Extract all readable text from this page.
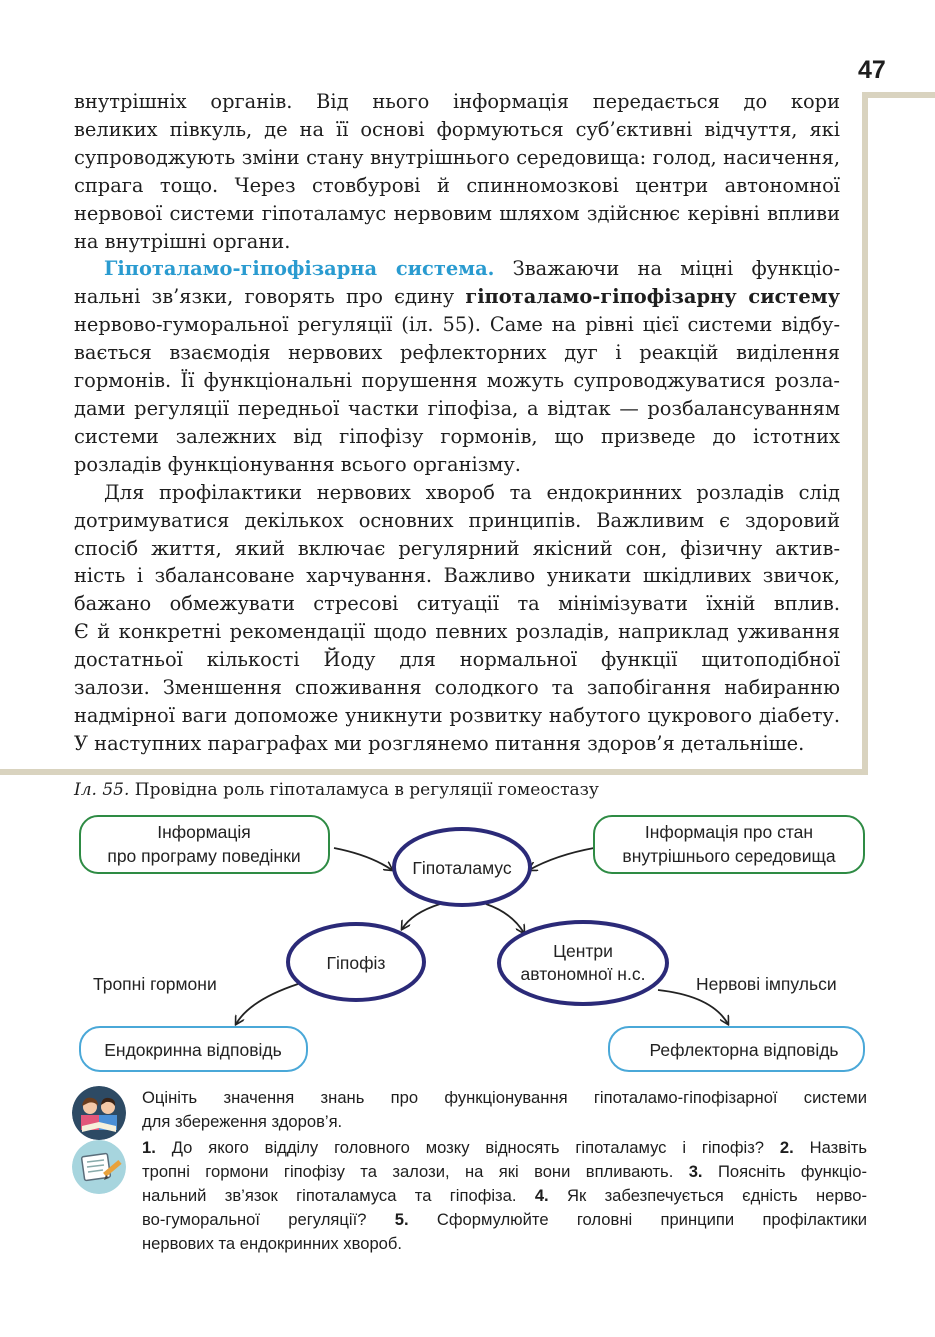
47
внутрішніх органів. Від нього інформація передається до кори
великих півкуль, де на її основі формуються суб’єктивні відчуття, які
супроводжують зміни стану внутрішнього середовища: голод, насичення,
спрага тощо. Через стовбурові й спинномозкові центри автономної
нервової системи гіпоталамус нервовим шляхом здійснює керівні впливи
на внутрішні органи.
Гіпоталамо-гіпофізарна система. Зважаючи на міцні функціо-
нальні зв’язки, говорять про єдину гіпоталамо-гіпофізарну систему
нервово-гуморальної регуляції (іл. 55). Саме на рівні цієї системи відбу-
вається взаємодія нервових рефлекторних дуг і реакцій виділення
гормонів. Її функціональні порушення можуть супроводжуватися розла-
дами регуляції передньої частки гіпофіза, а відтак — розбалансуванням
системи залежних від гіпофізу гормонів, що призведе до істотних
розладів функціонування всього організму.
Для профілактики нервових хвороб та ендокринних розладів слід
дотримуватися декількох основних принципів. Важливим є здоровий
спосіб життя, який включає регулярний якісний сон, фізичну актив-
ність і збалансоване харчування. Важливо уникати шкідливих звичок,
бажано обмежувати стресові ситуації та мінімізувати їхній вплив.
Є й конкретні рекомендації щодо певних розладів, наприклад уживання
достатньої кількості Йоду для нормальної функції щитоподібної
залози. Зменшення споживання солодкого та запобігання набиранню
надмірної ваги допоможе уникнути розвитку набутого цукрового діабету.
У наступних параграфах ми розглянемо питання здоров’я детальніше.
Іл. 55. Провідна роль гіпоталамуса в регуляції гомеостазу
Інформація
про програму поведінки
Інформація про стан
внутрішнього середовища
Гіпоталамус
Гіпофіз
Центри
автономної н.с.
Тропні гормони	Нервові імпульси
Ендокринна відповідь	Рефлекторна відповідь
Оцініть значення знань про функціонування гіпоталамо-гіпофізарної системи
для збереження здоров’я.
1. До якого відділу головного мозку відносять гіпоталамус і гіпофіз? 2. Назвіть
тропні гормони гіпофізу та залози, на які вони впливають. 3. Поясніть функціо-
нальний зв’язок гіпоталамуса та гіпофіза. 4. Як забезпечується єдність нерво-
во-гуморальної регуляції? 5. Сформулюйте головні принципи профілактики
нервових та ендокринних хвороб.
